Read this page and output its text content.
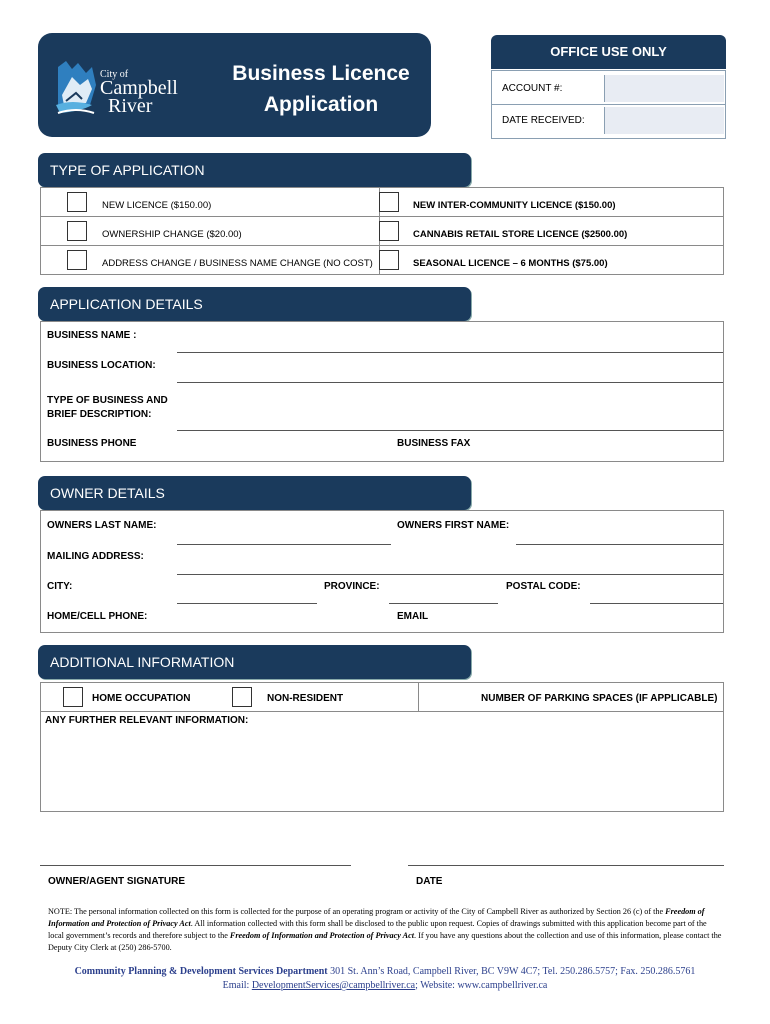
City of
Campbell
River
Business Licence
Application
OFFICE USE ONLY
ACCOUNT #:
DATE RECEIVED:
TYPE OF APPLICATION
NEW LICENCE ($150.00)
OWNERSHIP CHANGE ($20.00)
ADDRESS CHANGE / BUSINESS NAME CHANGE (NO COST)
NEW INTER-COMMUNITY LICENCE ($150.00)
CANNABIS RETAIL STORE LICENCE ($2500.00)
SEASONAL LICENCE – 6 MONTHS ($75.00)
APPLICATION DETAILS
BUSINESS NAME :
BUSINESS LOCATION:
TYPE OF BUSINESS AND
BRIEF DESCRIPTION:
BUSINESS PHONE	BUSINESS FAX
OWNER DETAILS
OWNERS LAST NAME:	OWNERS FIRST NAME:
MAILING ADDRESS:
CITY:	PROVINCE:	POSTAL CODE:
HOME/CELL PHONE:	EMAIL
ADDITIONAL INFORMATION
HOME OCCUPATION	NON-RESIDENT	NUMBER OF PARKING SPACES (IF APPLICABLE)
ANY FURTHER RELEVANT INFORMATION:
OWNER/AGENT SIGNATURE	DATE
NOTE: The personal information collected on this form is collected for the purpose of an operating program or activity of the City of Campbell River as authorized by Section 26 (c) of the Freedom of Information and Protection of Privacy Act. All information collected with this form shall be disclosed to the public upon request. Copies of drawings submitted with this application become part of the local government’s records and therefore subject to the Freedom of Information and Protection of Privacy Act. If you have any questions about the collection and use of this information, please contact the Deputy City Clerk at (250) 286-5700.
Community Planning & Development Services Department 301 St. Ann’s Road, Campbell River, BC V9W 4C7; Tel. 250.286.5757; Fax. 250.286.5761
Email: DevelopmentServices@campbellriver.ca; Website: www.campbellriver.ca
